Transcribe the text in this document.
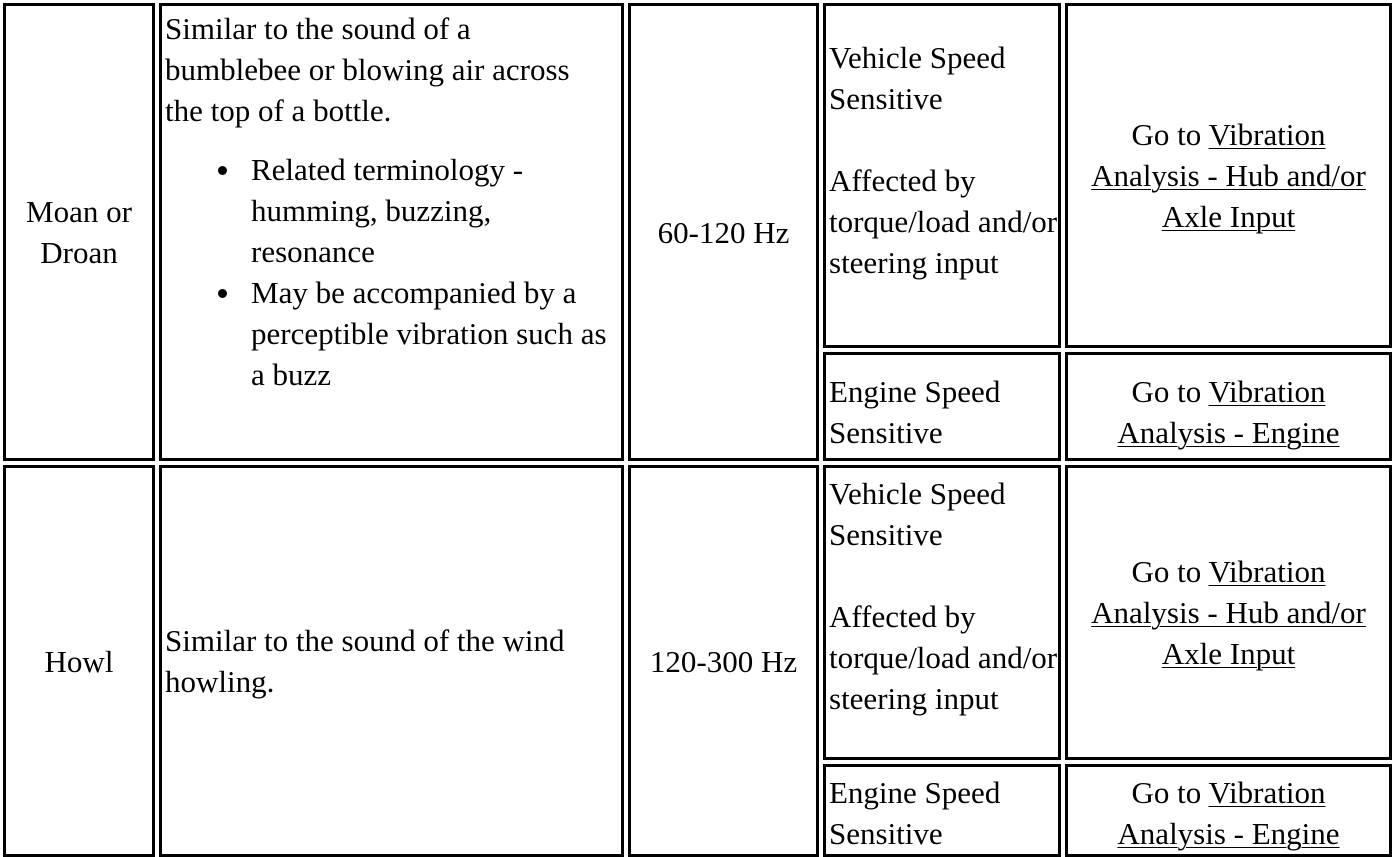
Moan or Droan
Similar to the sound of a bumblebee or blowing air across the top of a bottle.
Related terminology - humming, buzzing, resonance
May be accompanied by a perceptible vibration such as a buzz
60-120 Hz
Vehicle Speed Sensitive
Affected by torque/load and/or steering input
Go to Vibration Analysis - Hub and/or Axle Input
Engine Speed Sensitive
Go to Vibration Analysis - Engine
Howl
Similar to the sound of the wind howling.
120-300 Hz
Vehicle Speed Sensitive
Affected by torque/load and/or steering input
Go to Vibration Analysis - Hub and/or Axle Input
Engine Speed Sensitive
Go to Vibration Analysis - Engine
